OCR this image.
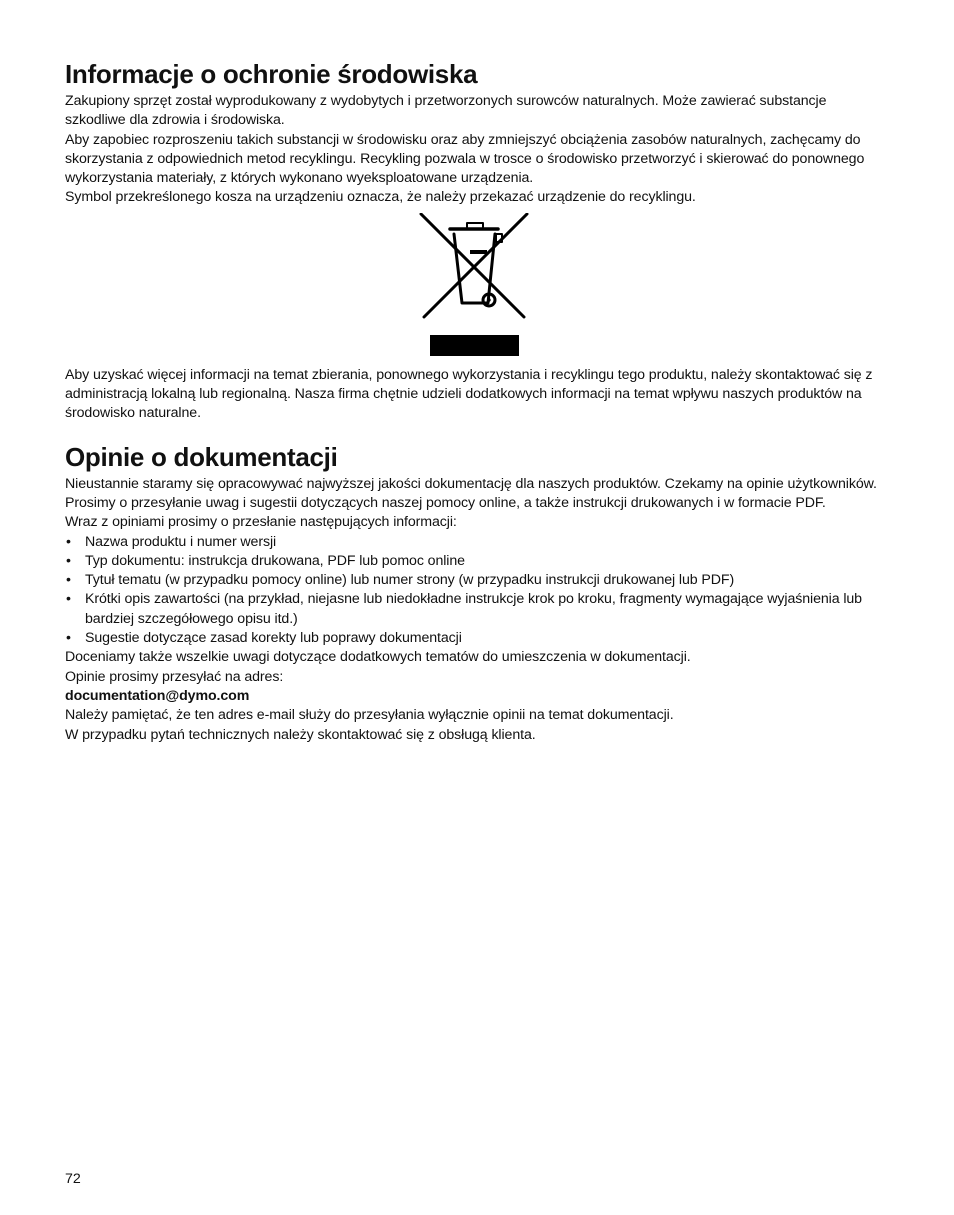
Informacje o ochronie środowiska

Zakupiony sprzęt został wyprodukowany z wydobytych i przetworzonych surowców naturalnych. Może zawierać substancje szkodliwe dla zdrowia i środowiska.

Aby zapobiec rozproszeniu takich substancji w środowisku oraz aby zmniejszyć obciążenia zasobów naturalnych, zachęcamy do skorzystania z odpowiednich metod recyklingu. Recykling pozwala w trosce o środowisko przetworzyć i skierować do ponownego wykorzystania materiały, z których wykonano wyeksploatowane urządzenia.

Symbol przekreślonego kosza na urządzeniu oznacza, że należy przekazać urządzenie do recyklingu.

Aby uzyskać więcej informacji na temat zbierania, ponownego wykorzystania i recyklingu tego produktu, należy skontaktować się z administracją lokalną lub regionalną. Nasza firma chętnie udzieli dodatkowych informacji na temat wpływu naszych produktów na środowisko naturalne.

Opinie o dokumentacji

Nieustannie staramy się opracowywać najwyższej jakości dokumentację dla naszych produktów. Czekamy na opinie użytkowników. Prosimy o przesyłanie uwag i sugestii dotyczących naszej pomocy online, a także instrukcji drukowanych i w formacie PDF.

Wraz z opiniami prosimy o przesłanie następujących informacji:

• Nazwa produktu i numer wersji
• Typ dokumentu: instrukcja drukowana, PDF lub pomoc online
• Tytuł tematu (w przypadku pomocy online) lub numer strony (w przypadku instrukcji drukowanej lub PDF)
• Krótki opis zawartości (na przykład, niejasne lub niedokładne instrukcje krok po kroku, fragmenty wymagające wyjaśnienia lub bardziej szczegółowego opisu itd.)
• Sugestie dotyczące zasad korekty lub poprawy dokumentacji

Doceniamy także wszelkie uwagi dotyczące dodatkowych tematów do umieszczenia w dokumentacji.

Opinie prosimy przesyłać na adres:

documentation@dymo.com

Należy pamiętać, że ten adres e-mail służy do przesyłania wyłącznie opinii na temat dokumentacji.

W przypadku pytań technicznych należy skontaktować się z obsługą klienta.

72
